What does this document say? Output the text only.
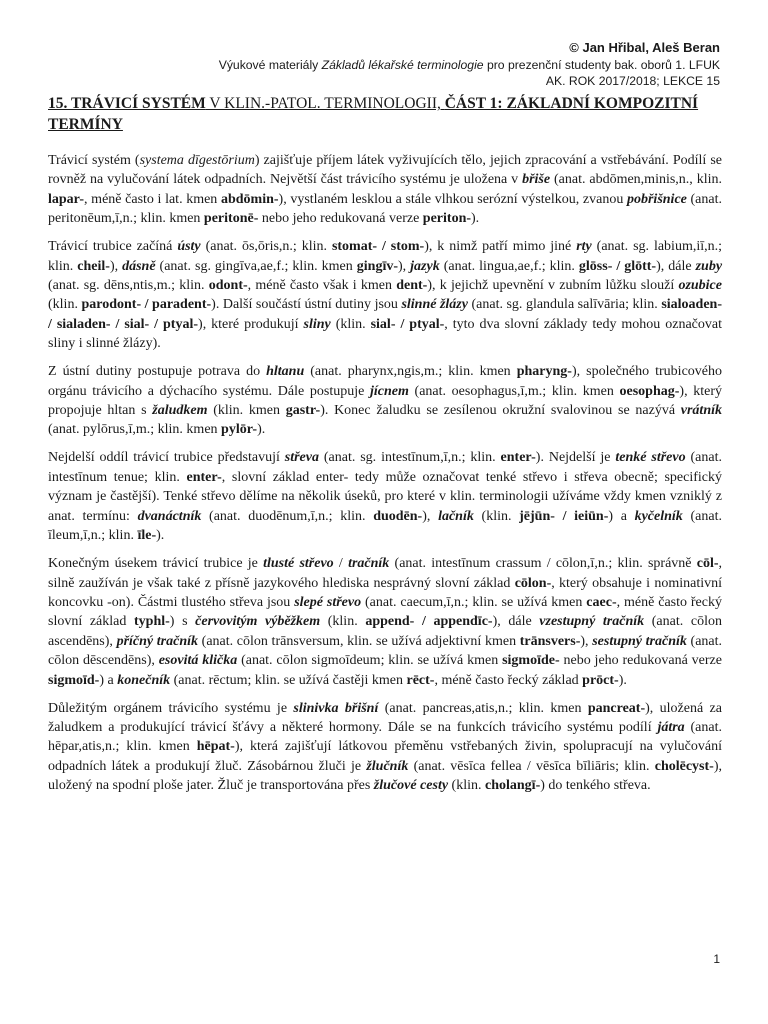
© Jan Hřibal, Aleš Beran
Výukové materiály Základů lékařské terminologie pro prezenční studenty bak. oborů 1. LFUK
AK. ROK 2017/2018; LEKCE 15
15. TRÁVICÍ SYSTÉM V KLIN.-PATOL. TERMINOLOGII, ČÁST 1: ZÁKLADNÍ KOMPOZITNÍ TERMÍNY

Trávicí systém (systema dīgestōrium) zajišťuje příjem látek vyživujících tělo, jejich zpracování a vstřebávání. Podílí se rovněž na vylučování látek odpadních. Největší část trávicího systému je uložena v břiše (anat. abdōmen,minis,n., klin. lapar-, méně často i lat. kmen abdōmin-), vystlaném lesklou a stále vlhkou serózní výstelkou, zvanou pobřišnice (anat. peritonēum,ī,n.; klin. kmen peritonē- nebo jeho redukovaná verze periton-).

Trávicí trubice začíná ústy (anat. ōs,ōris,n.; klin. stomat- / stom-), k nimž patří mimo jiné rty (anat. sg. labium,iī,n.; klin. cheil-), dásně (anat. sg. gingīva,ae,f.; klin. kmen gingīv-), jazyk (anat. lingua,ae,f.; klin. glōss- / glōtt-), dále zuby (anat. sg. dēns,ntis,m.; klin. odont-, méně často však i kmen dent-), k jejichž upevnění v zubním lůžku slouží ozubice (klin. parodont- / paradent-). Další součástí ústní dutiny jsou slinné žlázy (anat. sg. glandula salīvāria; klin. sialoaden- / sialaden- / sial- / ptyal-), které produkují sliny (klin. sial- / ptyal-, tyto dva slovní základy tedy mohou označovat sliny i slinné žlázy).

Z ústní dutiny postupuje potrava do hltanu (anat. pharynx,ngis,m.; klin. kmen pharyng-), společného trubicového orgánu trávicího a dýchacího systému. Dále postupuje jícnem (anat. oesophagus,ī,m.; klin. kmen oesophag-), který propojuje hltan s žaludkem (klin. kmen gastr-). Konec žaludku se zesílenou okružní svalovinou se nazývá vrátník (anat. pylōrus,ī,m.; klin. kmen pylōr-).

Nejdelší oddíl trávicí trubice představují střeva (anat. sg. intestīnum,ī,n.; klin. enter-). Nejdelší je tenké střevo (anat. intestīnum tenue; klin. enter-, slovní základ enter- tedy může označovat tenké střevo i střeva obecně; specifický význam je častější). Tenké střevo dělíme na několik úseků, pro které v klin. terminologii užíváme vždy kmen vzniklý z anat. termínu: dvanáctník (anat. duodēnum,ī,n.; klin. duodēn-), lačník (klin. jējūn- / ieiūn-) a kyčelník (anat. īleum,ī,n.; klin. īle-).

Konečným úsekem trávicí trubice je tlusté střevo / tračník (anat. intestīnum crassum / cōlon,ī,n.; klin. správně cōl-, silně zaužíván je však také z přísně jazykového hlediska nesprávný slovní základ cōlon-, který obsahuje i nominativní koncovku -on). Částmi tlustého střeva jsou slepé střevo (anat. caecum,ī,n.; klin. se užívá kmen caec-, méně často řecký slovní základ typhl-) s červovitým výběžkem (klin. append- / appendīc-), dále vzestupný tračník (anat. cōlon ascendēns), příčný tračník (anat. cōlon trānsversum, klin. se užívá adjektivní kmen trānsvers-), sestupný tračník (anat. cōlon dēscendēns), esovitá klička (anat. cōlon sigmoīdeum; klin. se užívá kmen sigmoīde- nebo jeho redukovaná verze sigmoīd-) a konečník (anat. rēctum; klin. se užívá častěji kmen rēct-, méně často řecký základ prōct-).

Důležitým orgánem trávicího systému je slinivka břišní (anat. pancreas,atis,n.; klin. kmen pancreat-), uložená za žaludkem a produkující trávicí šťávy a některé hormony. Dále se na funkcích trávicího systému podílí játra (anat. hēpar,atis,n.; klin. kmen hēpat-), která zajišťují látkovou přeměnu vstřebaných živin, spolupracují na vylučování odpadních látek a produkují žluč. Zásobárnou žluči je žlučník (anat. vēsīca fellea / vēsīca bīliāris; klin. cholēcyst-), uložený na spodní ploše jater. Žluč je transportována přes žlučové cesty (klin. cholangī-) do tenkého střeva.

1
